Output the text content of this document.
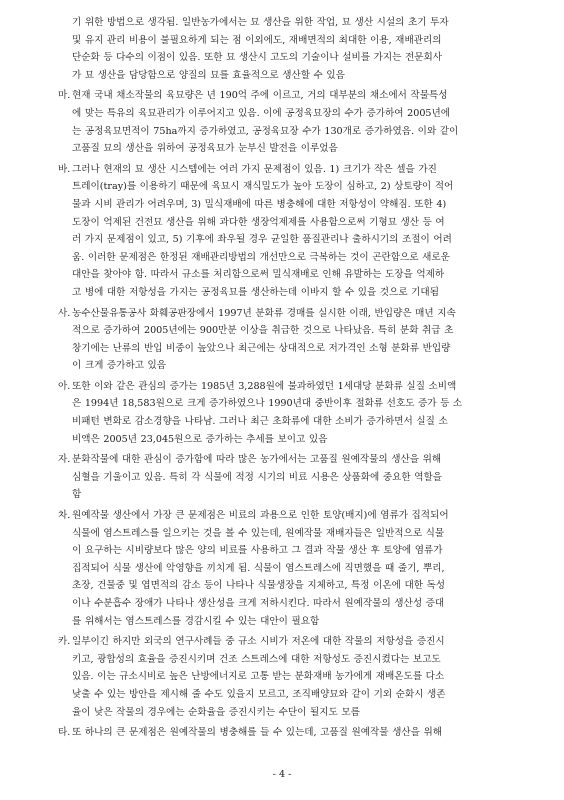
기 위한 방법으로 생각됨. 일반농가에서는 묘 생산을 위한 작업, 묘 생산 시설의 초기 투자
및 유지 관리 비용이 불필요하게 되는 점 이외에도, 재배면적의 최대한 이용, 재배관리의
단순화 등 다수의 이점이 있음. 또한 묘 생산시 고도의 기술이나 설비를 가지는 전문회사
가 묘 생산을 담당함으로 양질의 묘를 효율적으로 생산할 수 있음
마. 현재 국내 채소작물의 육묘량은 년 190억 주에 이르고, 거의 대부분의 채소에서 작물특성
에 맞는 특유의 육묘관리가 이루어지고 있음. 이에 공정육묘장의 수가 증가하여 2005년에
는 공정육묘면적이 75ha까지 증가하였고, 공정육묘장 수가 130개로 증가하였음. 이와 같이
고품질 묘의 생산을 위하여 공정육묘가 눈부신 발전을 이루었음
바. 그러나 현재의 묘 생산 시스템에는 여러 가지 문제점이 있음. 1) 크기가 작은 셀을 가진
트레이(tray)를 이용하기 때문에 육묘시 재식밀도가 높아 도장이 심하고, 2) 상토량이 적어
물과 시비 관리가 어려우며, 3) 밀식재배에 따른 병충해에 대한 저항성이 약해짐. 또한 4)
도장이 억제된 건전묘 생산을 위해 과다한 생장억제제를 사용함으로써 기형묘 생산 등 여
러 가지 문제점이 있고, 5) 기후에 좌우될 경우 균일한 품질관리나 출하시기의 조절이 어려
움. 이러한 문제점은 한정된 재배관리방법의 개선만으로 극복하는 것이 곤란함으로 새로운
대안을 찾아야 함. 따라서 규소를 처리함으로써 밀식재배로 인해 유발하는 도장을 억제하
고 병에 대한 저항성을 가지는 공정육묘를 생산하는데 이바지 할 수 있을 것으로 기대됨
사. 농수산물유통공사 화훼공판장에서 1997년 분화류 경매를 실시한 이래, 반입량은 매년 지속
적으로 증가하여 2005년에는 900만분 이상을 취급한 것으로 나타났음. 특히 분화 취급 초
창기에는 난류의 반입 비중이 높았으나 최근에는 상대적으로 저가격인 소형 분화류 반입량
이 크게 증가하고 있음
아. 또한 이와 같은 관심의 증가는 1985년 3,288원에 불과하였던 1세대당 분화류 실질 소비액
은 1994년 18,583원으로 크게 증가하였으나 1990년대 중반이후 절화류 선호도 증가 등 소
비패턴 변화로 감소경향을 나타남. 그러나 최근 초화류에 대한 소비가 증가하면서 실질 소
비액은 2005년 23,045원으로 증가하는 추세를 보이고 있음
자. 분화작물에 대한 관심이 증가함에 따라 많은 농가에서는 고품질 원예작물의 생산을 위해
심혈을 기울이고 있음. 특히 각 식물에 적정 시기의 비료 시용은 상품화에 중요한 역할을
함
차. 원예작물 생산에서 가장 큰 문제점은 비료의 과용으로 인한 토양(배지)에 염류가 집적되어
식물에 염스트레스를 일으키는 것을 볼 수 있는데, 원예작물 재배자들은 일반적으로 식물
이 요구하는 시비량보다 많은 양의 비료를 사용하고 그 결과 작물 생산 후 토양에 염류가
집적되어 식물 생산에 악영향을 끼치게 됨. 식물이 염스트레스에 직면했을 때 줄기, 뿌리,
초장, 건물중 및 엽면적의 감소 등이 나타나 식물생장을 지체하고, 특정 이온에 대한 독성
이나 수분흡수 장애가 나타나 생산성을 크게 저하시킨다. 따라서 원예작물의 생산성 증대
를 위해서는 염스트레스를 경감시킬 수 있는 대안이 필요함
카. 일부이긴 하지만 외국의 연구사례들 중 규소 시비가 저온에 대한 작물의 저항성을 증진시
키고, 광합성의 효율을 증진시키며 건조 스트레스에 대한 저항성도 증진시켰다는 보고도
있음. 이는 규소시비로 높은 난방에너지로 고통 받는 분화재배 농가에게 재배온도를 다소
낮출 수 있는 방안을 제시해 줄 수도 있을지 모르고, 조직배양묘와 같이 기외 순화시 생존
율이 낮은 작물의 경우에는 순화율을 증진시키는 수단이 될지도 모름
타. 또 하나의 큰 문제점은 원예작물의 병충해를 들 수 있는데, 고품질 원예작물 생산을 위해
- 4 -
